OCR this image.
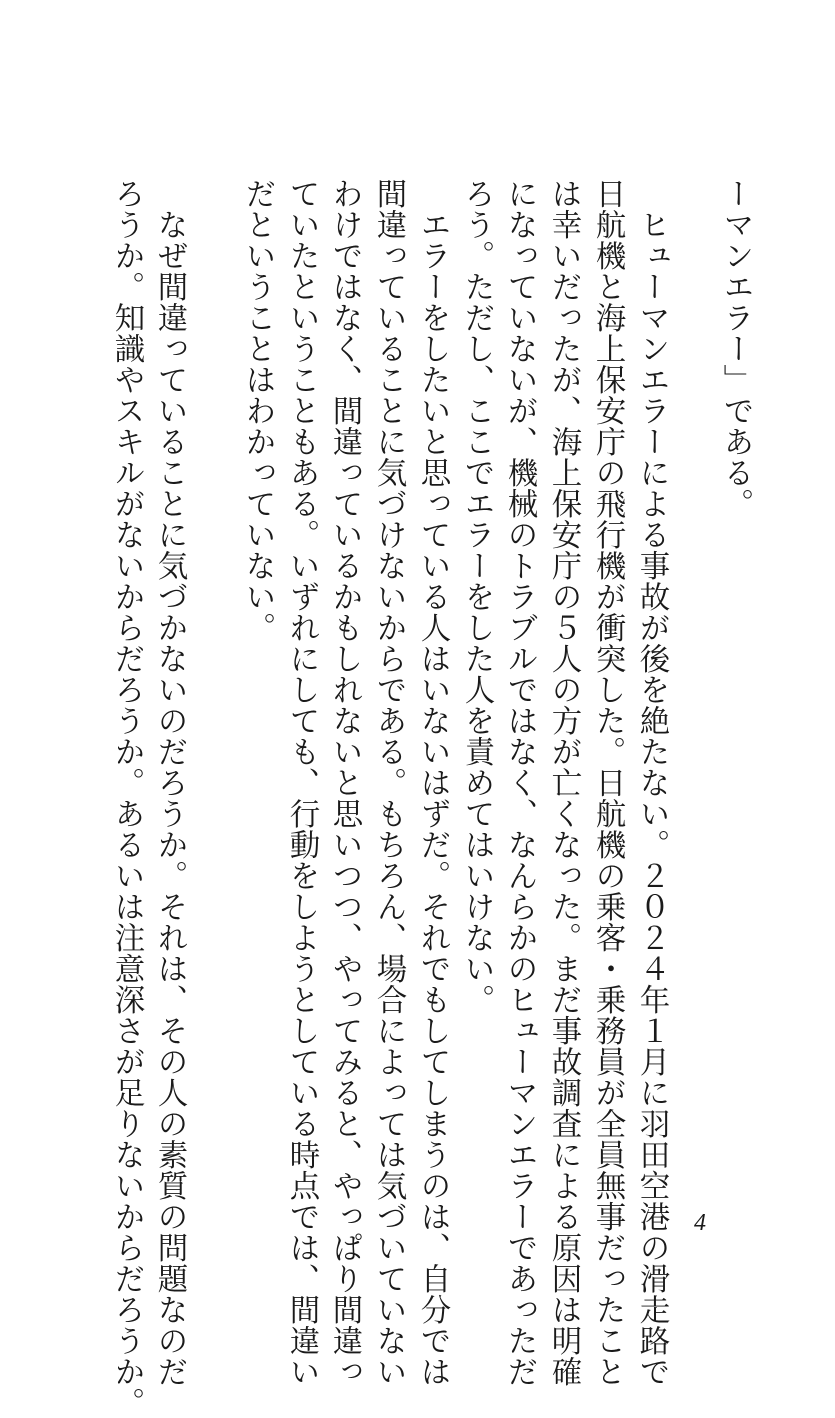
ーマンエラー」である。
　ヒューマンエラーによる事故が後を絶たない。２０２４年１月に羽田空港の滑走路で
日航機と海上保安庁の飛行機が衝突した。日航機の乗客・乗務員が全員無事だったこと
は幸いだったが、海上保安庁の５人の方が亡くなった。まだ事故調査による原因は明確
になっていないが、機械のトラブルではなく、なんらかのヒューマンエラーであっただ
ろう。ただし、ここでエラーをした人を責めてはいけない。
　エラーをしたいと思っている人はいないはずだ。それでもしてしまうのは、自分では
間違っていることに気づけないからである。もちろん、場合によっては気づいていない
わけではなく、間違っているかもしれないと思いつつ、やってみると、やっぱり間違っ
ていたということもある。いずれにしても、行動をしようとしている時点では、間違い
だということはわかっていない。
　なぜ間違っていることに気づかないのだろうか。それは、その人の素質の問題なのだ
ろうか。知識やスキルがないからだろうか。あるいは注意深さが足りないからだろうか。	4
